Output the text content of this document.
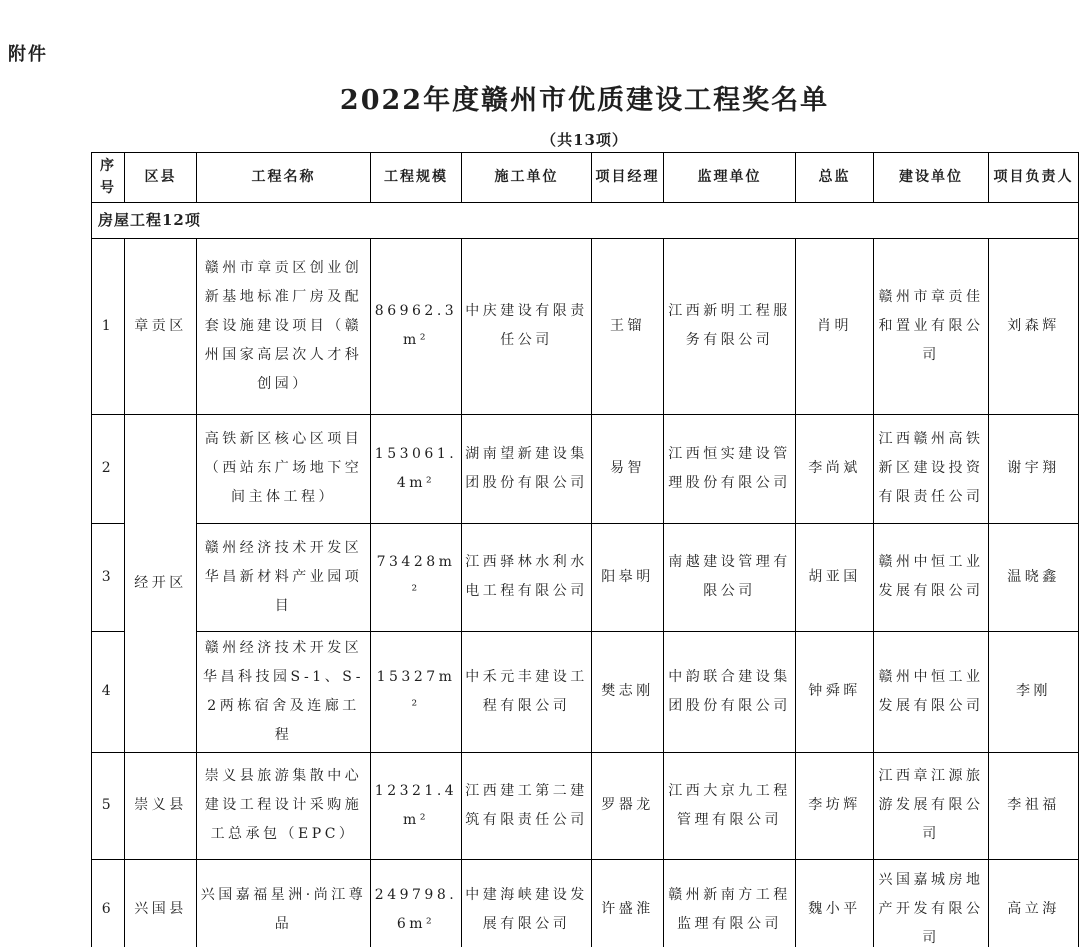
附件
2022年度赣州市优质建设工程奖名单
（共13项）
序号	区县	工程名称	工程规模	施工单位	项目经理	监理单位	总监	建设单位	项目负责人
房屋工程12项									
1	章贡区	赣州市章贡区创业创新基地标准厂房及配套设施建设项目（赣州国家高层次人才科创园）	86962.3m²	中庆建设有限责任公司	王镏	江西新明工程服务有限公司	肖明	赣州市章贡佳和置业有限公司	刘森辉
2	经开区	高铁新区核心区项目（西站东广场地下空间主体工程）	153061.4m²	湖南望新建设集团股份有限公司	易智	江西恒实建设管理股份有限公司	李尚斌	江西赣州高铁新区建设投资有限责任公司	谢宇翔
3		赣州经济技术开发区华昌新材料产业园项目	73428m²	江西驿林水利水电工程有限公司	阳皋明	南越建设管理有限公司	胡亚国	赣州中恒工业发展有限公司	温晓鑫
4		赣州经济技术开发区华昌科技园S-1、S-2两栋宿舍及连廊工程	15327m²	中禾元丰建设工程有限公司	樊志刚	中韵联合建设集团股份有限公司	钟舜晖	赣州中恒工业发展有限公司	李刚
5	崇义县	崇义县旅游集散中心建设工程设计采购施工总承包（EPC）	12321.4m²	江西建工第二建筑有限责任公司	罗器龙	江西大京九工程管理有限公司	李坊辉	江西章江源旅游发展有限公司	李祖福
6	兴国县	兴国嘉福星洲·尚江尊品	249798.6m²	中建海峡建设发展有限公司	许盛淮	赣州新南方工程监理有限公司	魏小平	兴国嘉城房地产开发有限公司	高立海
